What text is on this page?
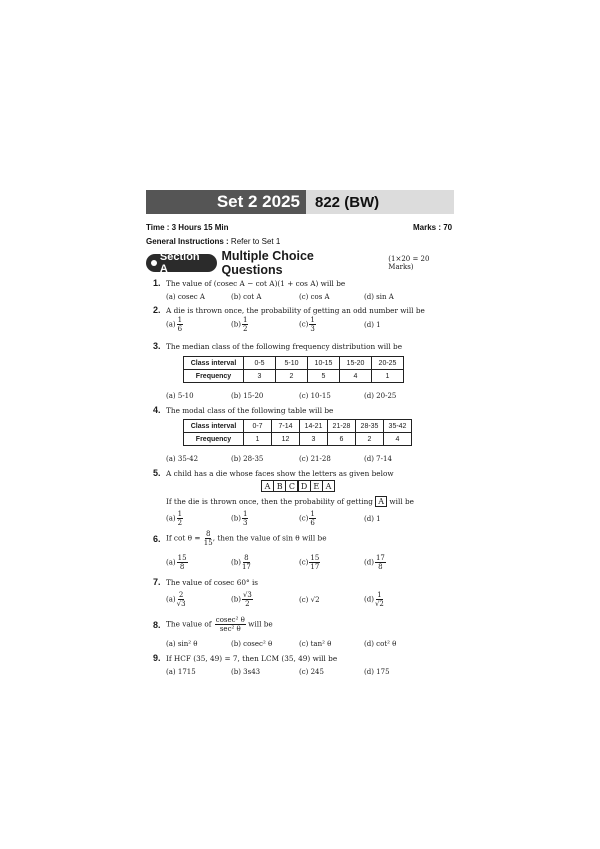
Set 2 2025	822 (BW)
Time : 3 Hours 15 Min	Marks : 70
General Instructions : Refer to Set 1
Section A
Multiple Choice Questions
(1×20 = 20 Marks)
1. The value of (cosec A − cot A)(1 + cos A) will be
(a) cosec A	(b) cot A	(c) cos A	(d) sin A
2. A die is thrown once, the probability of getting an odd number will be
$(a) \frac{1}{6}$	$(b) \frac{1}{2}$	$(c) \frac{1}{3}$	(d) 1
3. The median class of the following frequency distribution will be
Class interval	0-5	5-10	10-15	15-20	20-25
Frequency	3	2	5	4	1
(a) 5-10	(b) 15-20	(c) 10-15	(d) 20-25
4. The modal class of the following table will be
Class interval	0-7	7-14	14-21	21-28	28-35	35-42
Frequency	1	12	3	6	2	4
(a) 35-42	(b) 28-35	(c) 21-28	(d) 7-14
5. A child has a die whose faces show the letters as given below
A B C D E A
If the die is thrown once, then the probability of getting A will be
$(a) \frac{1}{2}$	$(b) \frac{1}{3}$	$(c) \frac{1}{6}$	(d) 1
6. If $\cot \theta = \frac{8}{15}$ , then the value of sin θ will be
$(a) \frac{15}{8}$	$(b) \frac{8}{17}$	$(c) \frac{15}{17}$	$(d) \frac{17}{8}$
7. The value of cosec 60° is
$(a) \frac{2}{√3}$	$(b) \frac{√3}{2}$	(c) √2	$(d) \frac{1}{√2}$
8. The value of $\frac{\text{cosec² θ}}{\text{sec² θ}}$ will be
(a) sin² θ	(b) cosec² θ	(c) tan² θ	(d) cot² θ
9. If HCF (35, 49) = 7, then LCM (35, 49) will be
(a) 1715	(b) 3s43	(c) 245	(d) 175
